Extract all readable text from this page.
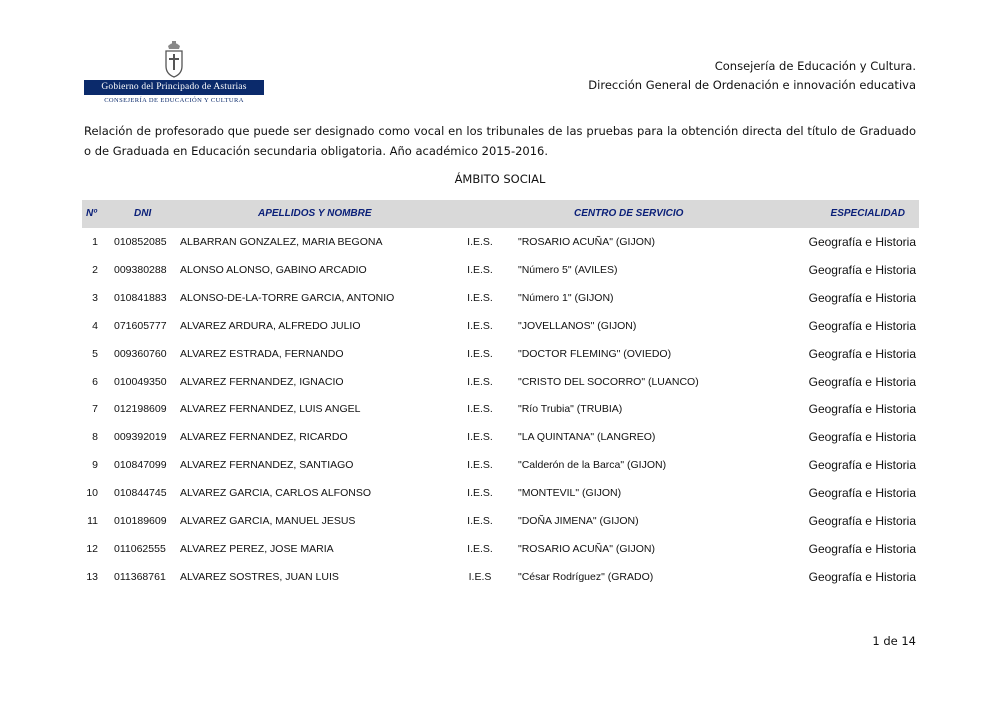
Gobierno del Principado de Asturias
CONSEJERÍA DE EDUCACIÓN Y CULTURA
Consejería de Educación y Cultura.
Dirección General de Ordenación e innovación educativa
Relación de profesorado que puede ser designado como vocal en los tribunales de las pruebas para la obtención directa del título de Graduado o de Graduada en Educación secundaria obligatoria. Año académico 2015-2016.
ÁMBITO SOCIAL
Nº	DNI	APELLIDOS Y NOMBRE	CENTRO DE SERVICIO	ESPECIALIDAD
1 010852085 ALBARRAN GONZALEZ, MARIA BEGONA	I.E.S.	"ROSARIO ACUÑA" (GIJON)	Geografía e Historia
2 009380288 ALONSO ALONSO, GABINO ARCADIO	I.E.S.	"Número 5" (AVILES)	Geografía e Historia
3 010841883 ALONSO-DE-LA-TORRE GARCIA, ANTONIO	I.E.S.	"Número 1" (GIJON)	Geografía e Historia
4 071605777 ALVAREZ ARDURA, ALFREDO JULIO	I.E.S.	"JOVELLANOS" (GIJON)	Geografía e Historia
5 009360760 ALVAREZ ESTRADA, FERNANDO	I.E.S.	"DOCTOR FLEMING" (OVIEDO)	Geografía e Historia
6 010049350 ALVAREZ FERNANDEZ, IGNACIO	I.E.S.	"CRISTO DEL SOCORRO" (LUANCO)	Geografía e Historia
7 012198609 ALVAREZ FERNANDEZ, LUIS ANGEL	I.E.S.	"Río Trubia" (TRUBIA)	Geografía e Historia
8 009392019 ALVAREZ FERNANDEZ, RICARDO	I.E.S.	"LA QUINTANA" (LANGREO)	Geografía e Historia
9 010847099 ALVAREZ FERNANDEZ, SANTIAGO	I.E.S.	"Calderón de la Barca" (GIJON)	Geografía e Historia
10 010844745 ALVAREZ GARCIA, CARLOS ALFONSO	I.E.S.	"MONTEVIL" (GIJON)	Geografía e Historia
11 010189609 ALVAREZ GARCIA, MANUEL JESUS	I.E.S.	"DOÑA JIMENA" (GIJON)	Geografía e Historia
12 011062555 ALVAREZ PEREZ, JOSE MARIA	I.E.S.	"ROSARIO ACUÑA" (GIJON)	Geografía e Historia
13 011368761 ALVAREZ SOSTRES, JUAN LUIS	I.E.S	"César Rodríguez" (GRADO)	Geografía e Historia
1 de 14
